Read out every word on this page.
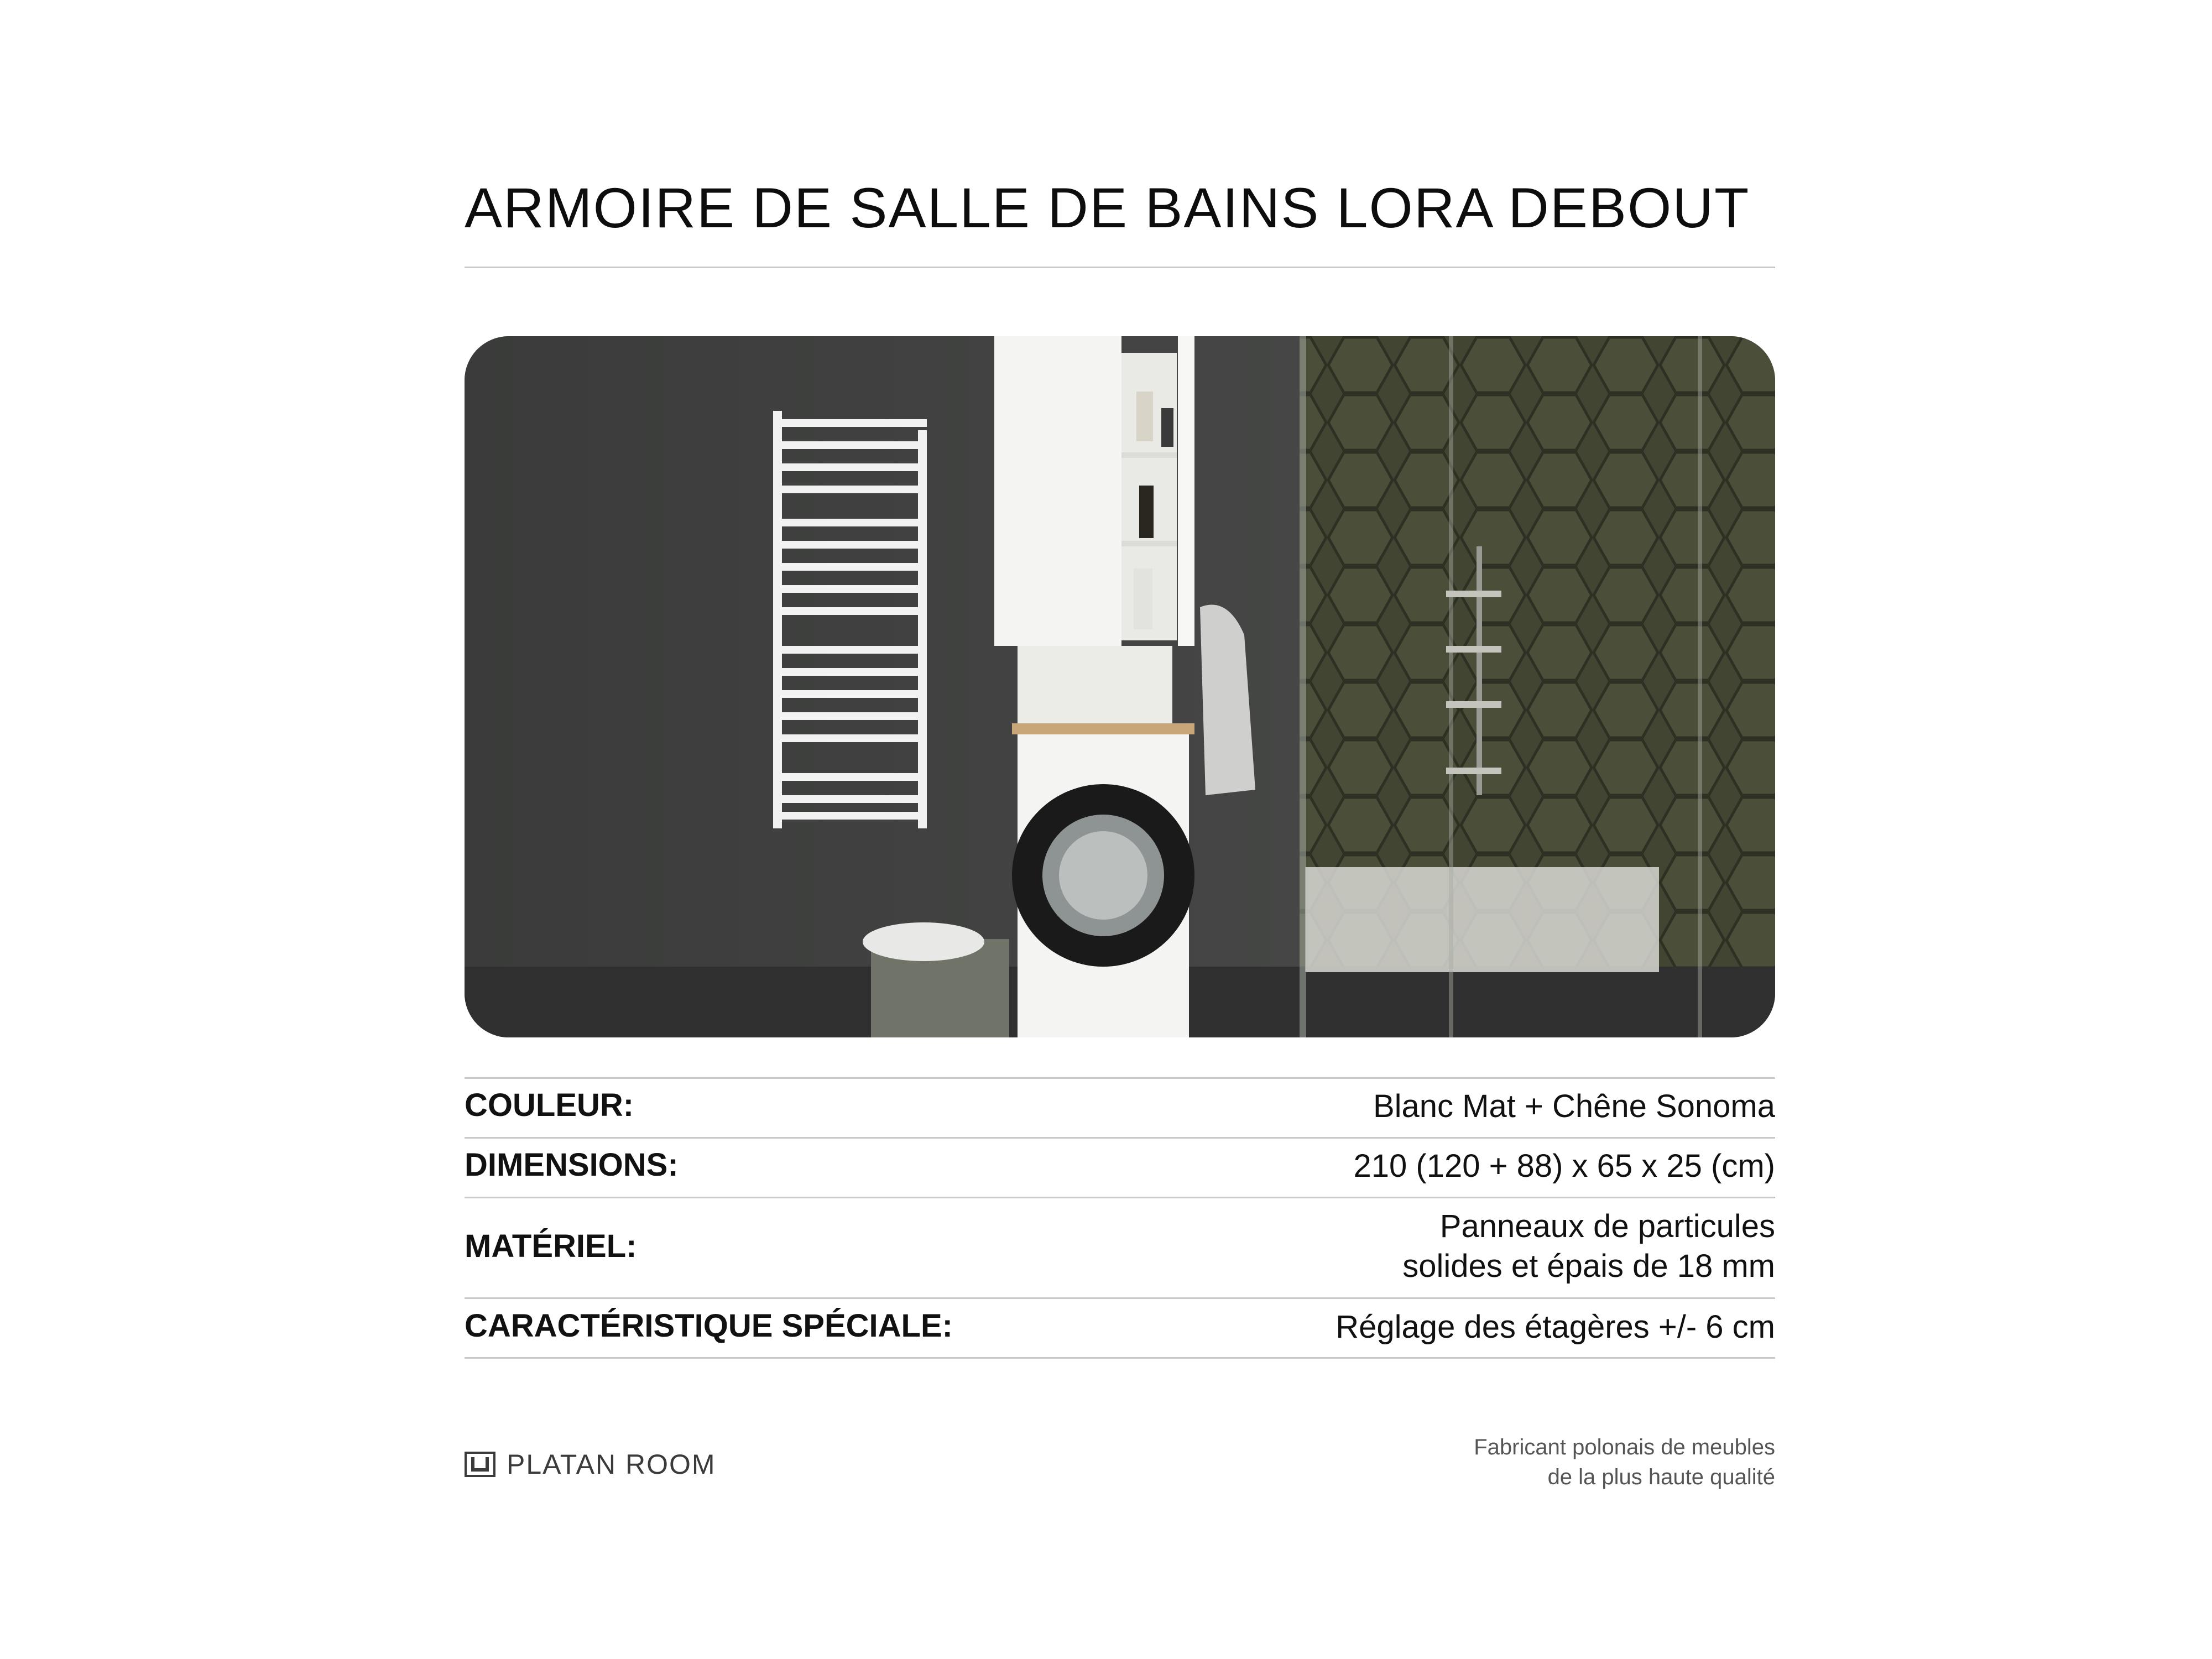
ARMOIRE DE SALLE DE BAINS LORA DEBOUT
COULEUR:	Blanc Mat + Chêne Sonoma
DIMENSIONS:	210 (120 + 88) x 65 x 25 (cm)
MATÉRIEL:
Panneaux de particules
solides et épais de 18 mm
CARACTÉRISTIQUE SPÉCIALE:	Réglage des étagères +/- 6 cm
PLATAN ROOM
Fabricant polonais de meubles
de la plus haute qualité
